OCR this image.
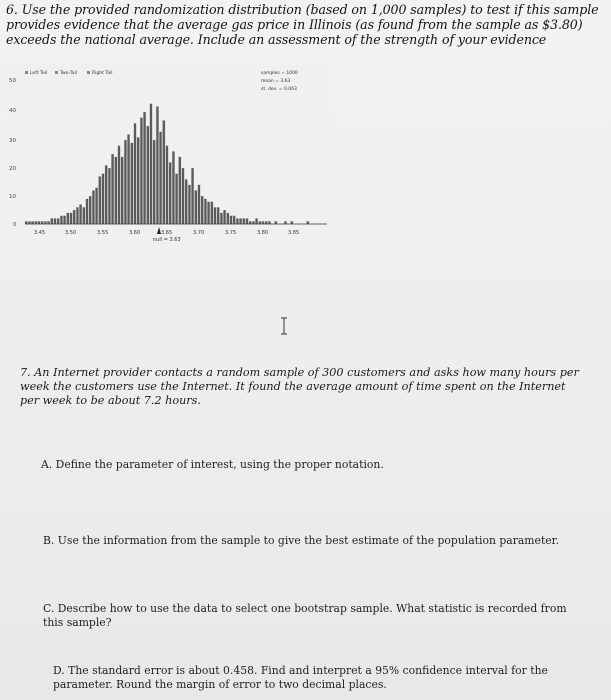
6. Use the provided randomization distribution (based on 1,000 samples) to test if this sample provides evidence that the average gas price in Illinois (as found from the sample as $3.80) exceeds the national average. Include an assessment of the strength of your evidence
Left Tail	Two-Tail	Right Tail	samples = 1000
mean = 3.63
st. dev. = 0.063
0
10
20
30
40
50
3.45	3.50	3.55	3.60	3.65	3.70	3.75	3.80	3.85
null = 3.63
7. An Internet provider contacts a random sample of 300 customers and asks how many hours per week the customers use the Internet. It found the average amount of time spent on the Internet per week to be about 7.2 hours.
A. Define the parameter of interest, using the proper notation.
B. Use the information from the sample to give the best estimate of the population parameter.
C. Describe how to use the data to select one bootstrap sample. What statistic is recorded from this sample?
D. The standard error is about 0.458. Find and interpret a 95% confidence interval for the parameter. Round the margin of error to two decimal places.
